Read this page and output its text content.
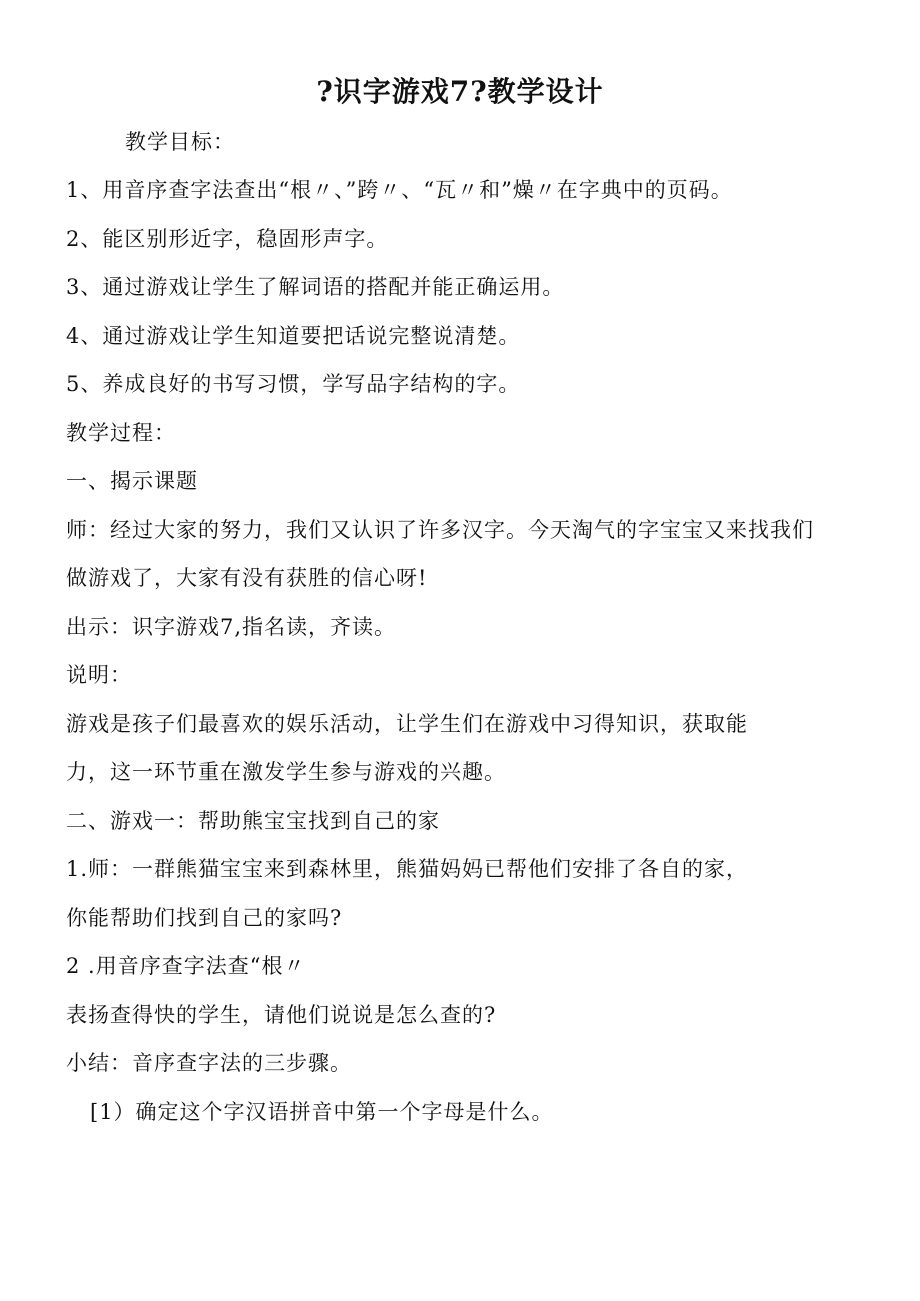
?识字游戏7?教学设计
教学目标：
1、用音序查字法查出“根〃、”跨〃、“瓦〃和”燥〃在字典中的页码。
2、能区别形近字，稳固形声字。
3、通过游戏让学生了解词语的搭配并能正确运用。
4、通过游戏让学生知道要把话说完整说清楚。
5、养成良好的书写习惯，学写品字结构的字。
教学过程：
一、揭示课题
师：经过大家的努力，我们又认识了许多汉字。今天淘气的字宝宝又来找我们
做游戏了，大家有没有获胜的信心呀!
出示：识字游戏7,指名读，齐读。
说明：
游戏是孩子们最喜欢的娱乐活动，让学生们在游戏中习得知识，获取能
力，这一环节重在激发学生参与游戏的兴趣。
二、游戏一：帮助熊宝宝找到自己的家
1.师：一群熊猫宝宝来到森林里，熊猫妈妈已帮他们安排了各自的家，
你能帮助们找到自己的家吗?
2 .用音序查字法查“根〃
表扬查得快的学生，请他们说说是怎么查的?
小结：音序查字法的三步骤。
[1）确定这个字汉语拼音中第一个字母是什么。
